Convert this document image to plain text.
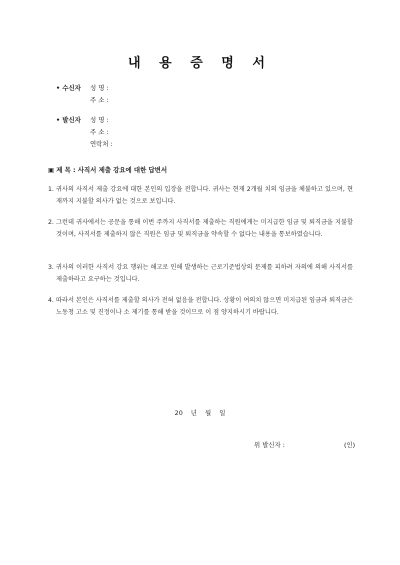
내 용 증 명 서
• 수신자	성 명 :
주 소 :
• 발신자	성 명 :
주 소 :
연락처 :
▣ 제 목 : 사직서 제출 강요에 대한 답변서
1. 귀사의 사직서 제출 강요에 대한 본인의 입장을 전합니다. 귀사는 현재 2개월 치의 임금을 체불하고 있으며, 현재까지 지불할 의사가 없는 것으로 보입니다.
2. 그런데 귀사에서는 공문을 통해 이번 주까지 사직서를 제출하는 직원에게는 미지급한 임금 및 퇴직금을 지불할 것이며, 사직서를 제출하지 않은 직원은 임금 및 퇴직금을 약속할 수 없다는 내용을 통보하였습니다.
3. 귀사의 이러한 사직서 강요 행위는 해고로 인해 발생하는 근로기준법상의 문제를 피하려 자의에 의해 사직서를 제출하라고 요구하는 것입니다.
4. 따라서 본인은 사직서를 제출할 의사가 전혀 없음을 전합니다. 상황이 여의치 않으면 미지급된 임금과 퇴직금은 노동청 고소 및 진정이나 소 제기를 통해 받을 것이므로 이 점 양지하시기 바랍니다.
20 년 월 일
위 발신자 :	(인)
